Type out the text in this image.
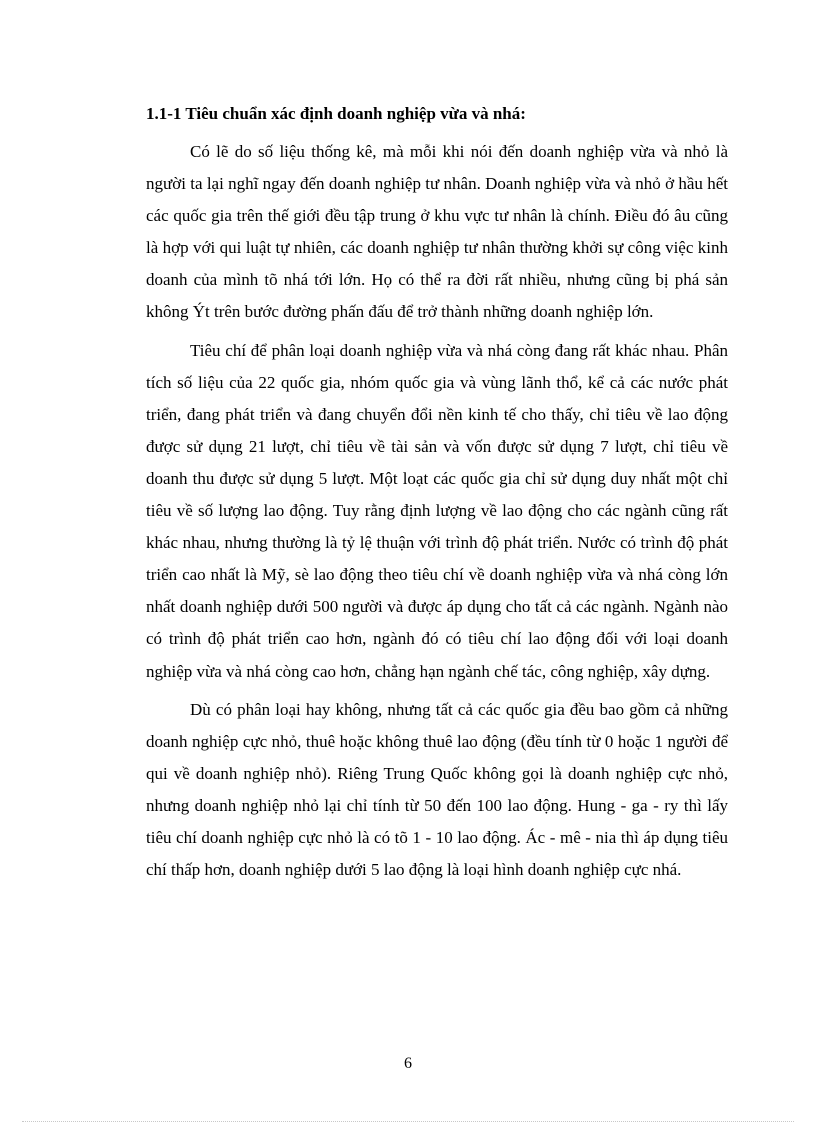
1.1-1 Tiêu chuẩn xác định doanh nghiệp vừa và nhá:

Có lẽ do số liệu thống kê, mà mỗi khi nói đến doanh nghiệp vừa và nhỏ là người ta lại nghĩ ngay đến doanh nghiệp tư nhân. Doanh nghiệp vừa và nhỏ ở hầu hết các quốc gia trên thế giới đều tập trung ở khu vực tư nhân là chính. Điều đó âu cũng là hợp với qui luật tự nhiên, các doanh nghiệp tư nhân thường khởi sự công việc kinh doanh của mình tõ nhá tới lớn. Họ có thể ra đời rất nhiều, nhưng cũng bị phá sản không Ýt trên bước đường phấn đấu để trở thành những doanh nghiệp lớn.

Tiêu chí để phân loại doanh nghiệp vừa và nhá còng đang rất khác nhau. Phân tích số liệu của 22 quốc gia, nhóm quốc gia và vùng lãnh thổ, kể cả các nước phát triển, đang phát triển và đang chuyển đổi nền kinh tế cho thấy, chỉ tiêu về lao động được sử dụng 21 lượt, chỉ tiêu về tài sản và vốn được sử dụng 7 lượt, chỉ tiêu về doanh thu được sử dụng 5 lượt. Một loạt các quốc gia chỉ sử dụng duy nhất một chỉ tiêu về số lượng lao động. Tuy rằng định lượng về lao động cho các ngành cũng rất khác nhau, nhưng thường là tỷ lệ thuận với trình độ phát triển. Nước có trình độ phát triển cao nhất là Mỹ, sè lao động theo tiêu chí về doanh nghiệp vừa và nhá còng lớn nhất doanh nghiệp dưới 500 người và được áp dụng cho tất cả các ngành. Ngành nào có trình độ phát triển cao hơn, ngành đó có tiêu chí lao động đối với loại doanh nghiệp vừa và nhá còng cao hơn, chẳng hạn ngành chế tác, công nghiệp, xây dựng.

Dù có phân loại hay không, nhưng tất cả các quốc gia đều bao gồm cả những doanh nghiệp cực nhỏ, thuê hoặc không thuê lao động (đều tính từ 0 hoặc 1 người để qui về doanh nghiệp nhỏ). Riêng Trung Quốc không gọi là doanh nghiệp cực nhỏ, nhưng doanh nghiệp nhỏ lại chỉ tính từ 50 đến 100 lao động. Hung - ga - ry thì lấy tiêu chí doanh nghiệp cực nhỏ là có tõ 1 - 10 lao động. Ác - mê - nia thì áp dụng tiêu chí thấp hơn, doanh nghiệp dưới 5 lao động là loại hình doanh nghiệp cực nhá.

6
